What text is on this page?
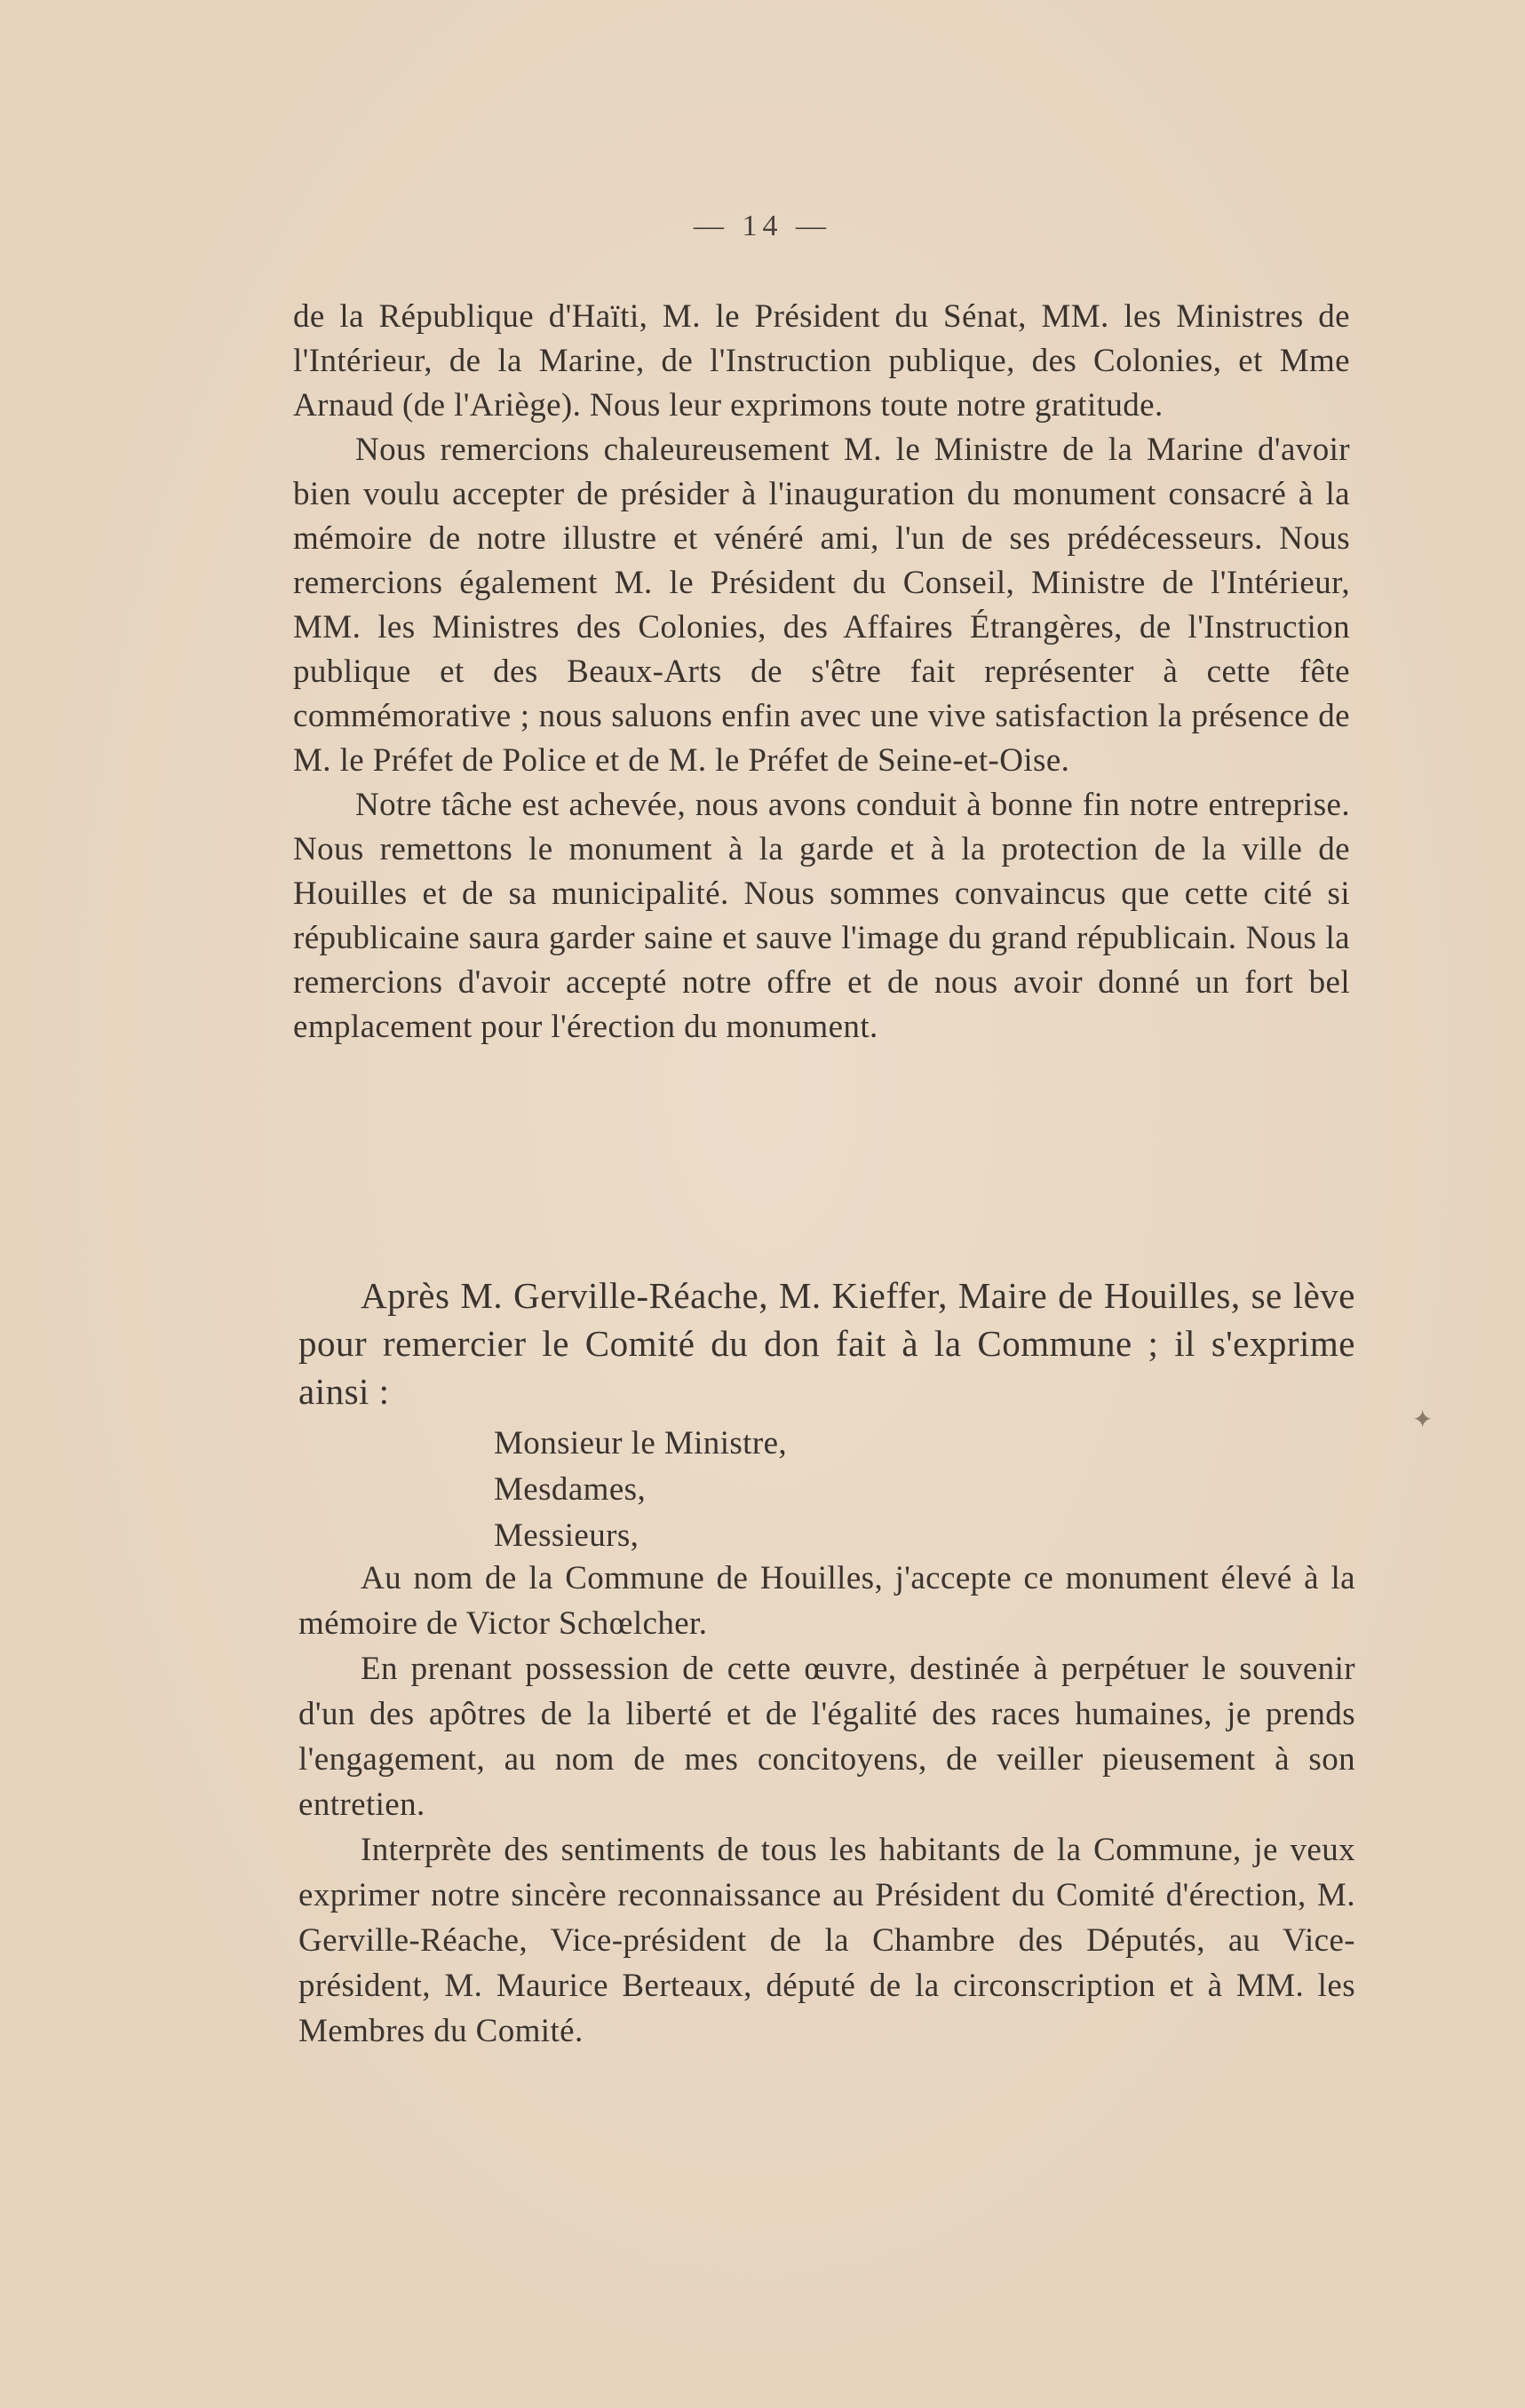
— 14 —

de la République d'Haïti, M. le Président du Sénat, MM. les Ministres de l'Intérieur, de la Marine, de l'Instruction publique, des Colonies, et Mme Arnaud (de l'Ariège). Nous leur exprimons toute notre gratitude.

Nous remercions chaleureusement M. le Ministre de la Marine d'avoir bien voulu accepter de présider à l'inauguration du monument consacré à la mémoire de notre illustre et vénéré ami, l'un de ses prédécesseurs. Nous remercions également M. le Président du Conseil, Ministre de l'Intérieur, MM. les Ministres des Colonies, des Affaires Étrangères, de l'Instruction publique et des Beaux-Arts de s'être fait représenter à cette fête commémorative ; nous saluons enfin avec une vive satisfaction la présence de M. le Préfet de Police et de M. le Préfet de Seine-et-Oise.

Notre tâche est achevée, nous avons conduit à bonne fin notre entreprise. Nous remettons le monument à la garde et à la protection de la ville de Houilles et de sa municipalité. Nous sommes convaincus que cette cité si républicaine saura garder saine et sauve l'image du grand républicain. Nous la remercions d'avoir accepté notre offre et de nous avoir donné un fort bel emplacement pour l'érection du monument.

Après M. Gerville-Réache, M. Kieffer, Maire de Houilles, se lève pour remercier le Comité du don fait à la Commune ; il s'exprime ainsi :

Monsieur le Ministre,
Mesdames,
Messieurs,

Au nom de la Commune de Houilles, j'accepte ce monument élevé à la mémoire de Victor Schœlcher.

En prenant possession de cette œuvre, destinée à perpétuer le souvenir d'un des apôtres de la liberté et de l'égalité des races humaines, je prends l'engagement, au nom de mes concitoyens, de veiller pieusement à son entretien.

Interprète des sentiments de tous les habitants de la Commune, je veux exprimer notre sincère reconnaissance au Président du Comité d'érection, M. Gerville-Réache, Vice-président de la Chambre des Députés, au Vice-président, M. Maurice Berteaux, député de la circonscription et à MM. les Membres du Comité.

✦
